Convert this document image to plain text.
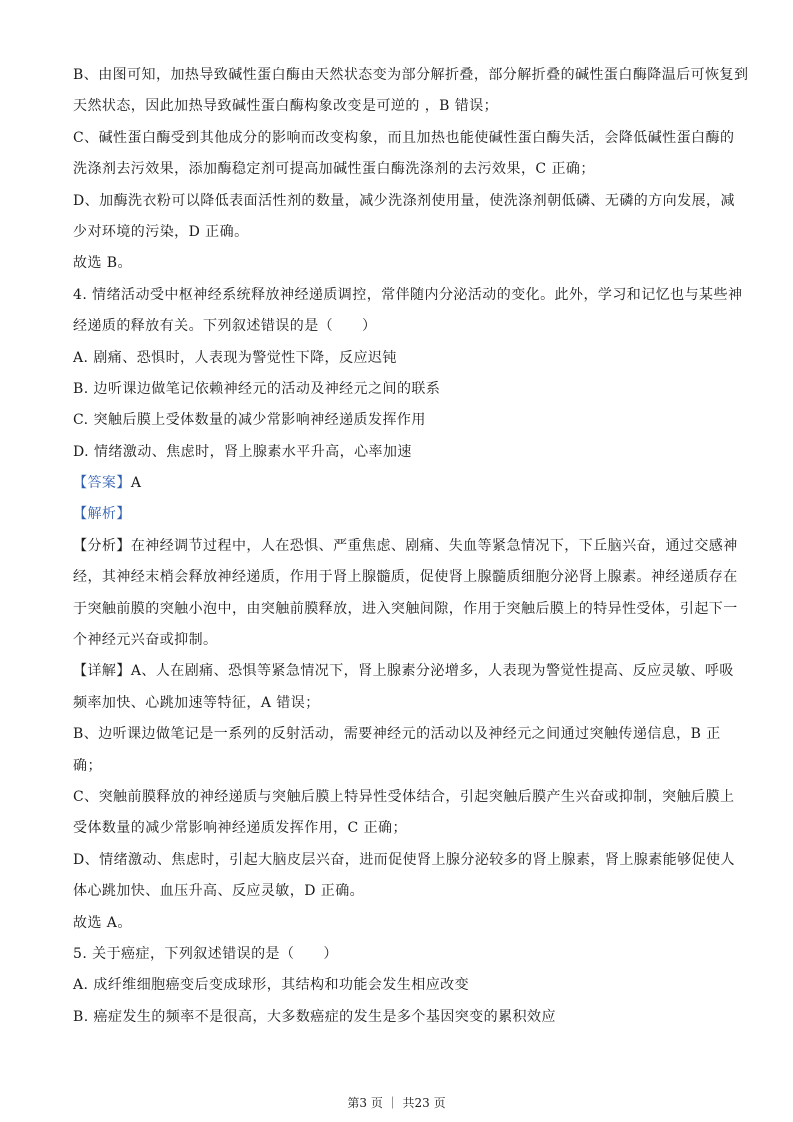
B、由图可知，加热导致碱性蛋白酶由天然状态变为部分解折叠，部分解折叠的碱性蛋白酶降温后可恢复到
天然状态，因此加热导致碱性蛋白酶构象改变是可逆的 ，B 错误；
C、碱性蛋白酶受到其他成分的影响而改变构象，而且加热也能使碱性蛋白酶失活，会降低碱性蛋白酶的
洗涤剂去污效果，添加酶稳定剂可提高加碱性蛋白酶洗涤剂的去污效果，C 正确；
D、加酶洗衣粉可以降低表面活性剂的数量，减少洗涤剂使用量，使洗涤剂朝低磷、无磷的方向发展，减
少对环境的污染，D 正确。
故选 B。
4. 情绪活动受中枢神经系统释放神经递质调控，常伴随内分泌活动的变化。此外，学习和记忆也与某些神
经递质的释放有关。下列叙述错误的是（　　）
A. 剧痛、恐惧时，人表现为警觉性下降，反应迟钝
B. 边听课边做笔记依赖神经元的活动及神经元之间的联系
C. 突触后膜上受体数量的减少常影响神经递质发挥作用
D. 情绪激动、焦虑时，肾上腺素水平升高，心率加速
【答案】A
【解析】
【分析】在神经调节过程中，人在恐惧、严重焦虑、剧痛、失血等紧急情况下，下丘脑兴奋，通过交感神
经，其神经末梢会释放神经递质，作用于肾上腺髓质，促使肾上腺髓质细胞分泌肾上腺素。神经递质存在
于突触前膜的突触小泡中，由突触前膜释放，进入突触间隙，作用于突触后膜上的特异性受体，引起下一
个神经元兴奋或抑制。
【详解】A、人在剧痛、恐惧等紧急情况下，肾上腺素分泌增多，人表现为警觉性提高、反应灵敏、呼吸
频率加快、心跳加速等特征，A 错误；
B、边听课边做笔记是一系列的反射活动，需要神经元的活动以及神经元之间通过突触传递信息，B 正
确；
C、突触前膜释放的神经递质与突触后膜上特异性受体结合，引起突触后膜产生兴奋或抑制，突触后膜上
受体数量的减少常影响神经递质发挥作用，C 正确；
D、情绪激动、焦虑时，引起大脑皮层兴奋，进而促使肾上腺分泌较多的肾上腺素，肾上腺素能够促使人
体心跳加快、血压升高、反应灵敏，D 正确。
故选 A。
5. 关于癌症，下列叙述错误的是（　　）
A. 成纤维细胞癌变后变成球形，其结构和功能会发生相应改变
B. 癌症发生的频率不是很高，大多数癌症的发生是多个基因突变的累积效应
第3 页 ｜ 共23 页
